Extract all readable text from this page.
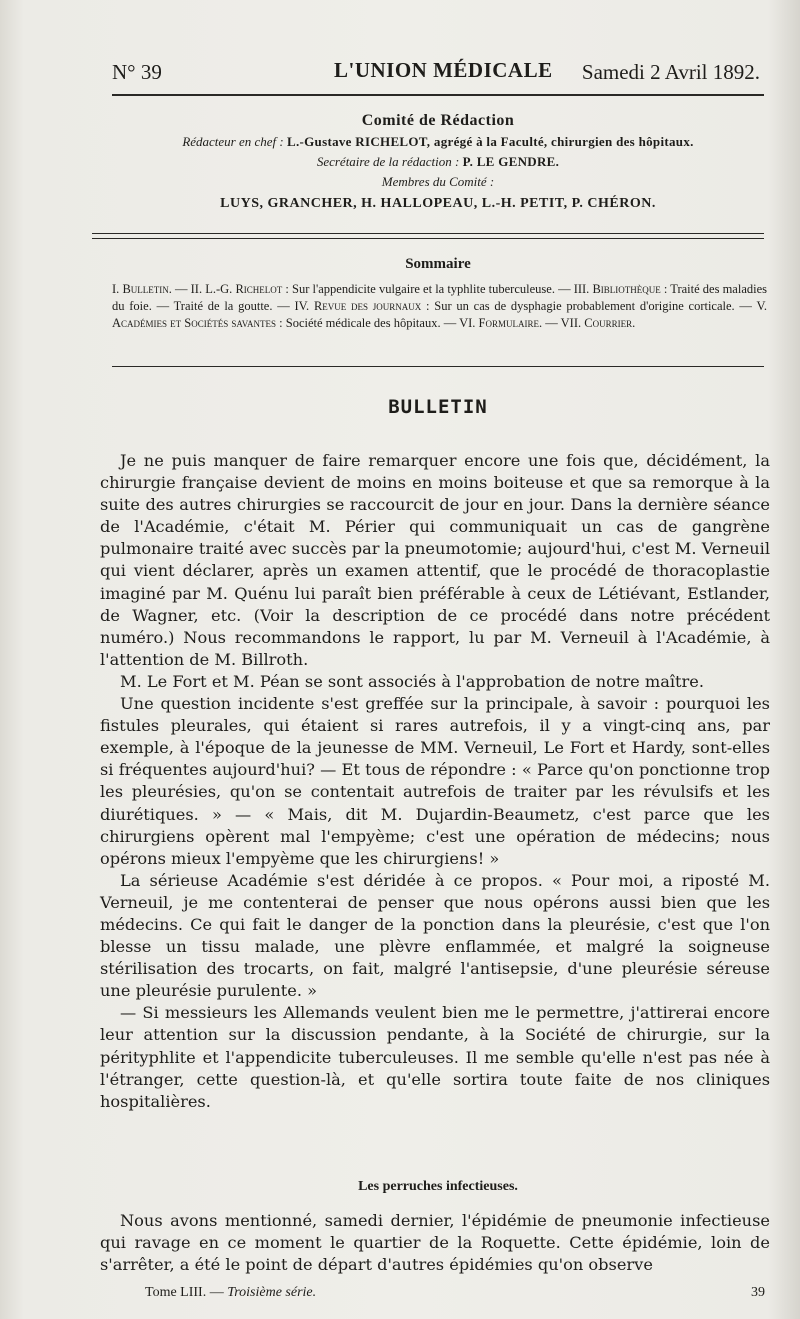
N° 39	L'UNION MÉDICALE Samedi 2 Avril 1892.
Comité de Rédaction
Rédacteur en chef : L.-Gustave RICHELOT, agrégé à la Faculté, chirurgien des hôpitaux.
Secrétaire de la rédaction : P. LE GENDRE.
Membres du Comité :
LUYS, GRANCHER, H. HALLOPEAU, L.-H. PETIT, P. CHÉRON.
Sommaire
I. Bulletin. — II. L.-G. Richelot : Sur l'appendicite vulgaire et la typhlite tuberculeuse. — III. Bibliothèque : Traité des maladies du foie. — Traité de la goutte. — IV. Revue des journaux : Sur un cas de dysphagie probablement d'origine corticale. — V. Académies et Sociétés savantes : Société médicale des hôpitaux. — VI. Formulaire. — VII. Courrier.
BULLETIN

Je ne puis manquer de faire remarquer encore une fois que, décidément, la chirurgie française devient de moins en moins boiteuse et que sa remorque à la suite des autres chirurgies se raccourcit de jour en jour. Dans la dernière séance de l'Académie, c'était M. Périer qui communiquait un cas de gangrène pulmonaire traité avec succès par la pneumotomie; aujourd'hui, c'est M. Verneuil qui vient déclarer, après un examen attentif, que le procédé de thoracoplastie imaginé par M. Quénu lui paraît bien préférable à ceux de Létiévant, Estlander, de Wagner, etc. (Voir la description de ce procédé dans notre précédent numéro.) Nous recommandons le rapport, lu par M. Verneuil à l'Académie, à l'attention de M. Billroth.

M. Le Fort et M. Péan se sont associés à l'approbation de notre maître.

Une question incidente s'est greffée sur la principale, à savoir : pourquoi les fistules pleurales, qui étaient si rares autrefois, il y a vingt-cinq ans, par exemple, à l'époque de la jeunesse de MM. Verneuil, Le Fort et Hardy, sont-elles si fréquentes aujourd'hui? — Et tous de répondre : « Parce qu'on ponctionne trop les pleurésies, qu'on se contentait autrefois de traiter par les révulsifs et les diurétiques. » — « Mais, dit M. Dujardin-Beaumetz, c'est parce que les chirurgiens opèrent mal l'empyème; c'est une opération de médecins; nous opérons mieux l'empyème que les chirurgiens! »

La sérieuse Académie s'est déridée à ce propos. « Pour moi, a riposté M. Verneuil, je me contenterai de penser que nous opérons aussi bien que les médecins. Ce qui fait le danger de la ponction dans la pleurésie, c'est que l'on blesse un tissu malade, une plèvre enflammée, et malgré la soigneuse stérilisation des trocarts, on fait, malgré l'antisepsie, d'une pleurésie séreuse une pleurésie purulente. »

— Si messieurs les Allemands veulent bien me le permettre, j'attirerai encore leur attention sur la discussion pendante, à la Société de chirurgie, sur la pérityphlite et l'appendicite tuberculeuses. Il me semble qu'elle n'est pas née à l'étranger, cette question-là, et qu'elle sortira toute faite de nos cliniques hospitalières.

Les perruches infectieuses.

Nous avons mentionné, samedi dernier, l'épidémie de pneumonie infectieuse qui ravage en ce moment le quartier de la Roquette. Cette épidémie, loin de s'arrêter, a été le point de départ d'autres épidémies qu'on observe

Tome LIII. — Troisième série.	39
